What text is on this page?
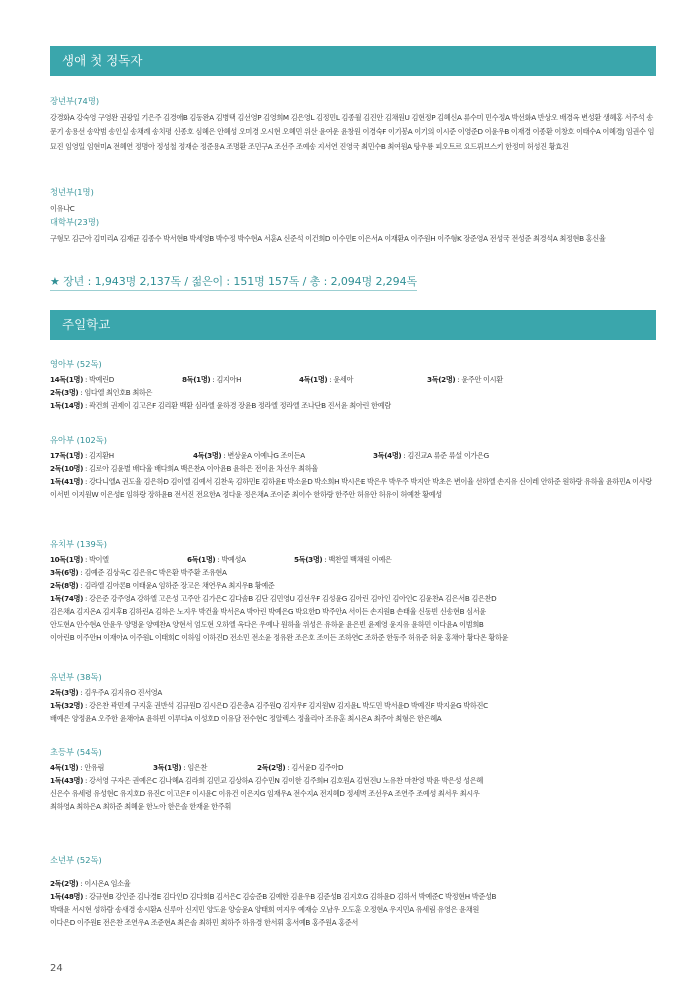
생애 첫 정독자
장년부(74명)

강경화A 강숙영 구영완 권광일 기은주 김경애B 김동완A 김병택 김선영P 김영희M 김은영L 김정민L 김종월 김진안 김채원U 김현정P 김혜신A 류수미 민수정A 박선화A 반상오 배경옥 변성환 생혜홍 서주석 송문기 송용선 송약범 송인실 송채례 송치평 신종호 심혜은 안혜성 오미경 오시현 오혜민 위산 윤여운 윤창원 이경숙F 이기봉A 이기의 이시준 이영준D 이윤우B 이재경 이종환 이창호 이태수A 이혜경J 임권수 임묘진 임영일 임현미A 전혜연 정명아 정성철 정재순 정준용A 조명환 조민구A 조선주 조예송 지서연 진영국 최민수B 최여원A 탕우룡 피오트르 요드뤼브스키 한정미 허성진 황효진

청년부(1명)

이유나C

대학부(23명)

구형모 김근아 김미리A 김재균 김종수 박서현B 박세영B 박수정 박수현A 서훈A 신준석 이건희D 이수민E 이은서A 이재환A 이주원H 이주형K 장준영A 전성국 전성준 최경석A 최정현B 홍신율

★ 장년 : 1,943명 2,137독 / 젊은이 : 151명 157독 / 총 : 2,094명 2,294독
주일학교
영아부 (52독)
14독(1명) : 박예린D	8독(1명) : 김지아H	4독(1명) : 윤세아	3독(2명) : 윤주안 이시환
2독(3명) : 임다엘 최인호B 최하은
1독(14명) : 곽건희 권제이 김고은F 김리환 백환 심라엘 윤하경 장윤B 정라엘 정라엘 조나단B 진서윤 최아린 한예람
유아부 (102독)
17독(1명) : 김지환H	4독(3명) : 변상윤A 이예나G 조이든A	3독(4명) : 김진교A 류준 류설 이가은G
2독(10명) : 김로아 김윤별 배다율 배다희A 백은찬A 이아윤B 윤하은 전이윤 차선우 최하율
1독(41명) : 강다니엘A 권도율 김은하D 김이엘 김예서 김찬욱 김하민E 김하윤E 박소윤D 박소희H 박시은E 박은우 박우주 박지안 박초은 변이율 선하엘 손지유 신이레 안하준 원하랑 유하율 윤하민A 이사랑 이서빈 이지원W 이은성E 임하랑 장하윤B 전서진 전요한A 정다윤 정은채A 조이준 최이수 한하랑 한주안 허유안 허유이 허예찬 황예성
유치부 (139독)
10독(1명) : 박이엘	6독(1명) : 박예성A	5독(3명) : 백찬열 백채원 이예은
3독(6명) : 김예준 김상욱C 김은유C 박은환 박주환 조유현A
2독(8명) : 김라엘 김아론B 이태윤A 임하준 장고은 채연우A 최지우B 황예준
1독(74명) : 강은준 강주영A 강하엘 고은성 고주안 김가은C 김다솜B 김단 김민영U 김선우F 김성윤G 김아린 김아인 김아인C 김윤찬A 김은서B 김은찬D
김은채A 김지온A 김지후B 김하린A 김하은 노지우 박건율 박서은A 박아린 박예은G 박요한D 박주안A 서이든 손지원B 손태율 신동빈 신송현B 심서윤
안도현A 안수현A 안윤우 양명윤 양예찬A 양현서 엄도현 오하엘 옥다은 우예나 원하율 위성은 유하윤 윤은빈 윤제영 윤지유 윤하민 이다윤A 이범희B
이아린B 이주안H 이재아A 이주원L 이태희C 이하임 이하진D 전소민 전소윤 정유완 조은호 조이든 조하연C 조하준 한동주 허유준 허윤 홍채아 황다온 황하윤
유년부 (38독)
2독(3명) : 김우주A 김지유O 진서영A
1독(32명) : 강은찬 곽민제 구지훈 권반석 김규원D 김시은D 김은총A 김주원Q 김지우F 김지원W 김지윤L 박도민 박서윤D 박예진F 박지윤G 박하진C
배예은 양정윤A 오주한 윤채아A 윤하빈 이루다A 이성호D 이유담 전수현C 정알렉스 정율리아 조유훈 최시온A 최주아 최형은 한은혜A
초등부 (54독)
4독(1명) : 안유림	3독(1명) : 임은찬	2독(2명) : 김서윤D 김주아D
1독(43명) : 강서영 구자은 권예은C 김나혜A 김라희 김민교 김상하A 김수민N 김이한 김주희H 김호원A 김현진U 노유찬 마찬영 박윤 박은성 성은혜
신은수 유세령 유성현C 유지호D 유진C 이고은F 이시윤C 이유건 이은지G 임재우A 전수지A 전지혜D 정세벽 조선우A 조연주 조예성 최서우 최시우
최하영A 최하은A 최하준 최혜윤 한노아 한은솔 한재윤 한주휘
소년부 (52독)
2독(2명) : 이시온A 임소율
1독(48명) : 강규현B 강인준 김나경E 김다인D 김다희B 김서은C 김승준B 김예한 김윤우B 김준성B 김지호G 김하윤D 김하서 박예준C 박정현H 박준성B
박태윤 서시현 성하람 송새경 송시환A 신루아 신지민 양도윤 양승윤A 양태희 여지우 예재승 오남우 오도훈 오정현A 우지민A 유세림 유영은 윤채원
이다은D 이주원E 전은찬 조연우A 조준현A 최은솔 최하민 최하주 하유경 한서휘 홍서예B 홍주원A 홍준서
24
